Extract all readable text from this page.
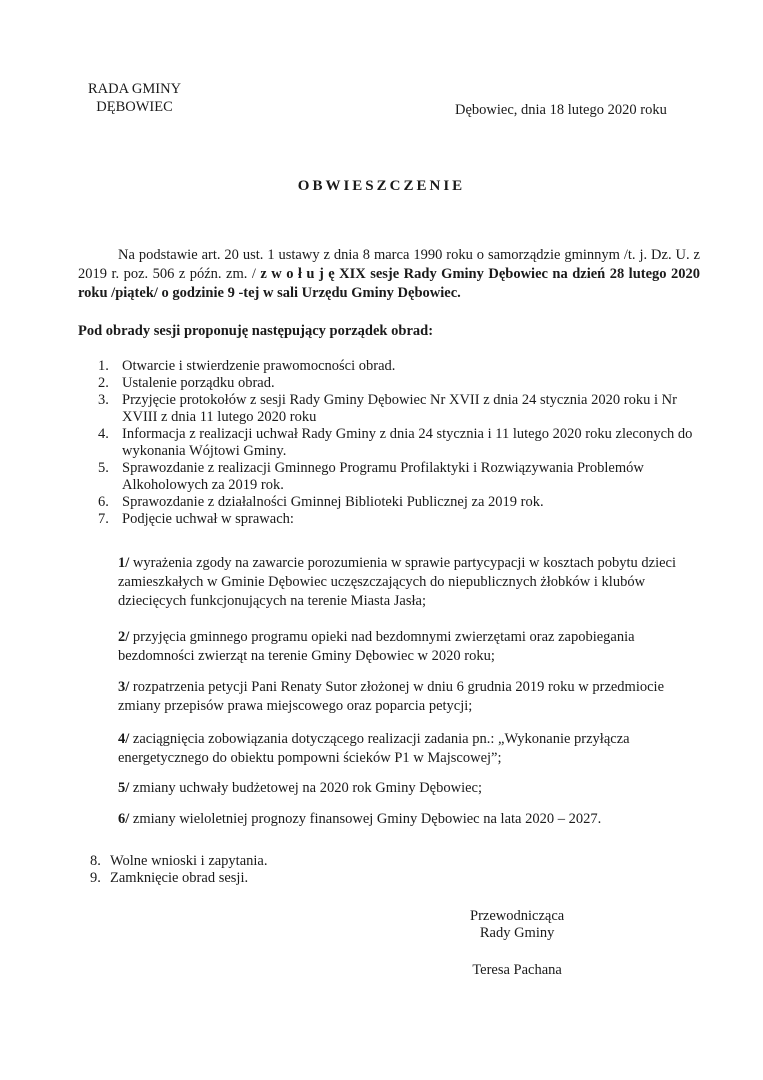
RADA GMINY
DĘBOWIEC	Dębowiec, dnia 18 lutego 2020 roku
OBWIESZCZENIE
Na podstawie art. 20 ust. 1 ustawy z dnia 8 marca 1990 roku o samorządzie gminnym /t. j. Dz. U. z 2019 r. poz. 506 z późn. zm. / z w o ł u j ę XIX sesje Rady Gminy Dębowiec na dzień 28 lutego 2020 roku /piątek/ o godzinie 9 -tej w sali Urzędu Gminy Dębowiec.
Pod obrady sesji proponuję następujący porządek obrad:
1. Otwarcie i stwierdzenie prawomocności obrad.
2. Ustalenie porządku obrad.
3. Przyjęcie protokołów z sesji Rady Gminy Dębowiec Nr XVII z dnia 24 stycznia 2020 roku i Nr XVIII z dnia 11 lutego 2020 roku
4. Informacja z realizacji uchwał Rady Gminy z dnia 24 stycznia i 11 lutego 2020 roku zleconych do wykonania Wójtowi Gminy.
5. Sprawozdanie z realizacji Gminnego Programu Profilaktyki i Rozwiązywania Problemów Alkoholowych za 2019 rok.
6. Sprawozdanie z działalności Gminnej Biblioteki Publicznej za 2019 rok.
7. Podjęcie uchwał w sprawach:
1/ wyrażenia zgody na zawarcie porozumienia w sprawie partycypacji w kosztach pobytu dzieci zamieszkałych w Gminie Dębowiec uczęszczających do niepublicznych żłobków i klubów dziecięcych funkcjonujących na terenie Miasta Jasła;
2/ przyjęcia gminnego programu opieki nad bezdomnymi zwierzętami oraz zapobiegania bezdomności zwierząt na terenie Gminy Dębowiec w 2020 roku;
3/ rozpatrzenia petycji Pani Renaty Sutor złożonej w dniu 6 grudnia 2019 roku w przedmiocie zmiany przepisów prawa miejscowego oraz poparcia petycji;
4/ zaciągnięcia zobowiązania dotyczącego realizacji zadania pn.: „Wykonanie przyłącza energetycznego do obiektu pompowni ścieków P1 w Majscowej”;
5/ zmiany uchwały budżetowej na 2020 rok Gminy Dębowiec;
6/ zmiany wieloletniej prognozy finansowej Gminy Dębowiec na lata 2020 – 2027.
8. Wolne wnioski i zapytania.
9. Zamknięcie obrad sesji.
Przewodnicząca
Rady Gminy
Teresa Pachana
